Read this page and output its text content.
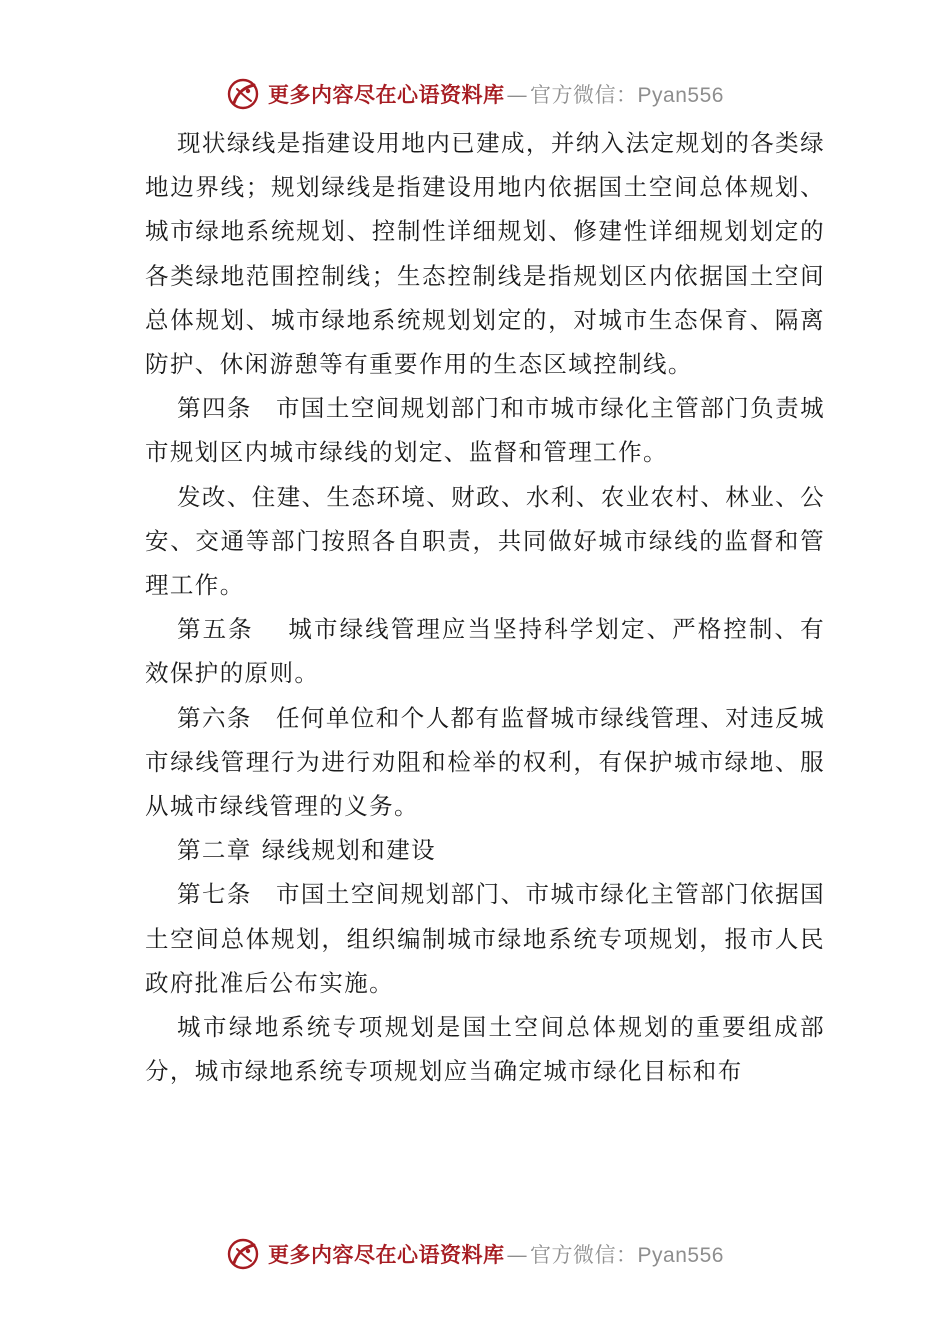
更多内容尽在心语资料库—官方微信：Pyan556

现状绿线是指建设用地内已建成，并纳入法定规划的各类绿地边界线；规划绿线是指建设用地内依据国土空间总体规划、城市绿地系统规划、控制性详细规划、修建性详细规划划定的各类绿地范围控制线；生态控制线是指规划区内依据国土空间总体规划、城市绿地系统规划划定的，对城市生态保育、隔离防护、休闲游憩等有重要作用的生态区域控制线。

第四条 市国土空间规划部门和市城市绿化主管部门负责城市规划区内城市绿线的划定、监督和管理工作。

发改、住建、生态环境、财政、水利、农业农村、林业、公安、交通等部门按照各自职责，共同做好城市绿线的监督和管理工作。

第五条 城市绿线管理应当坚持科学划定、严格控制、有效保护的原则。

第六条 任何单位和个人都有监督城市绿线管理、对违反城市绿线管理行为进行劝阻和检举的权利，有保护城市绿地、服从城市绿线管理的义务。

第二章 绿线规划和建设

第七条 市国土空间规划部门、市城市绿化主管部门依据国土空间总体规划，组织编制城市绿地系统专项规划，报市人民政府批准后公布实施。

城市绿地系统专项规划是国土空间总体规划的重要组成部分，城市绿地系统专项规划应当确定城市绿化目标和布

更多内容尽在心语资料库—官方微信：Pyan556
